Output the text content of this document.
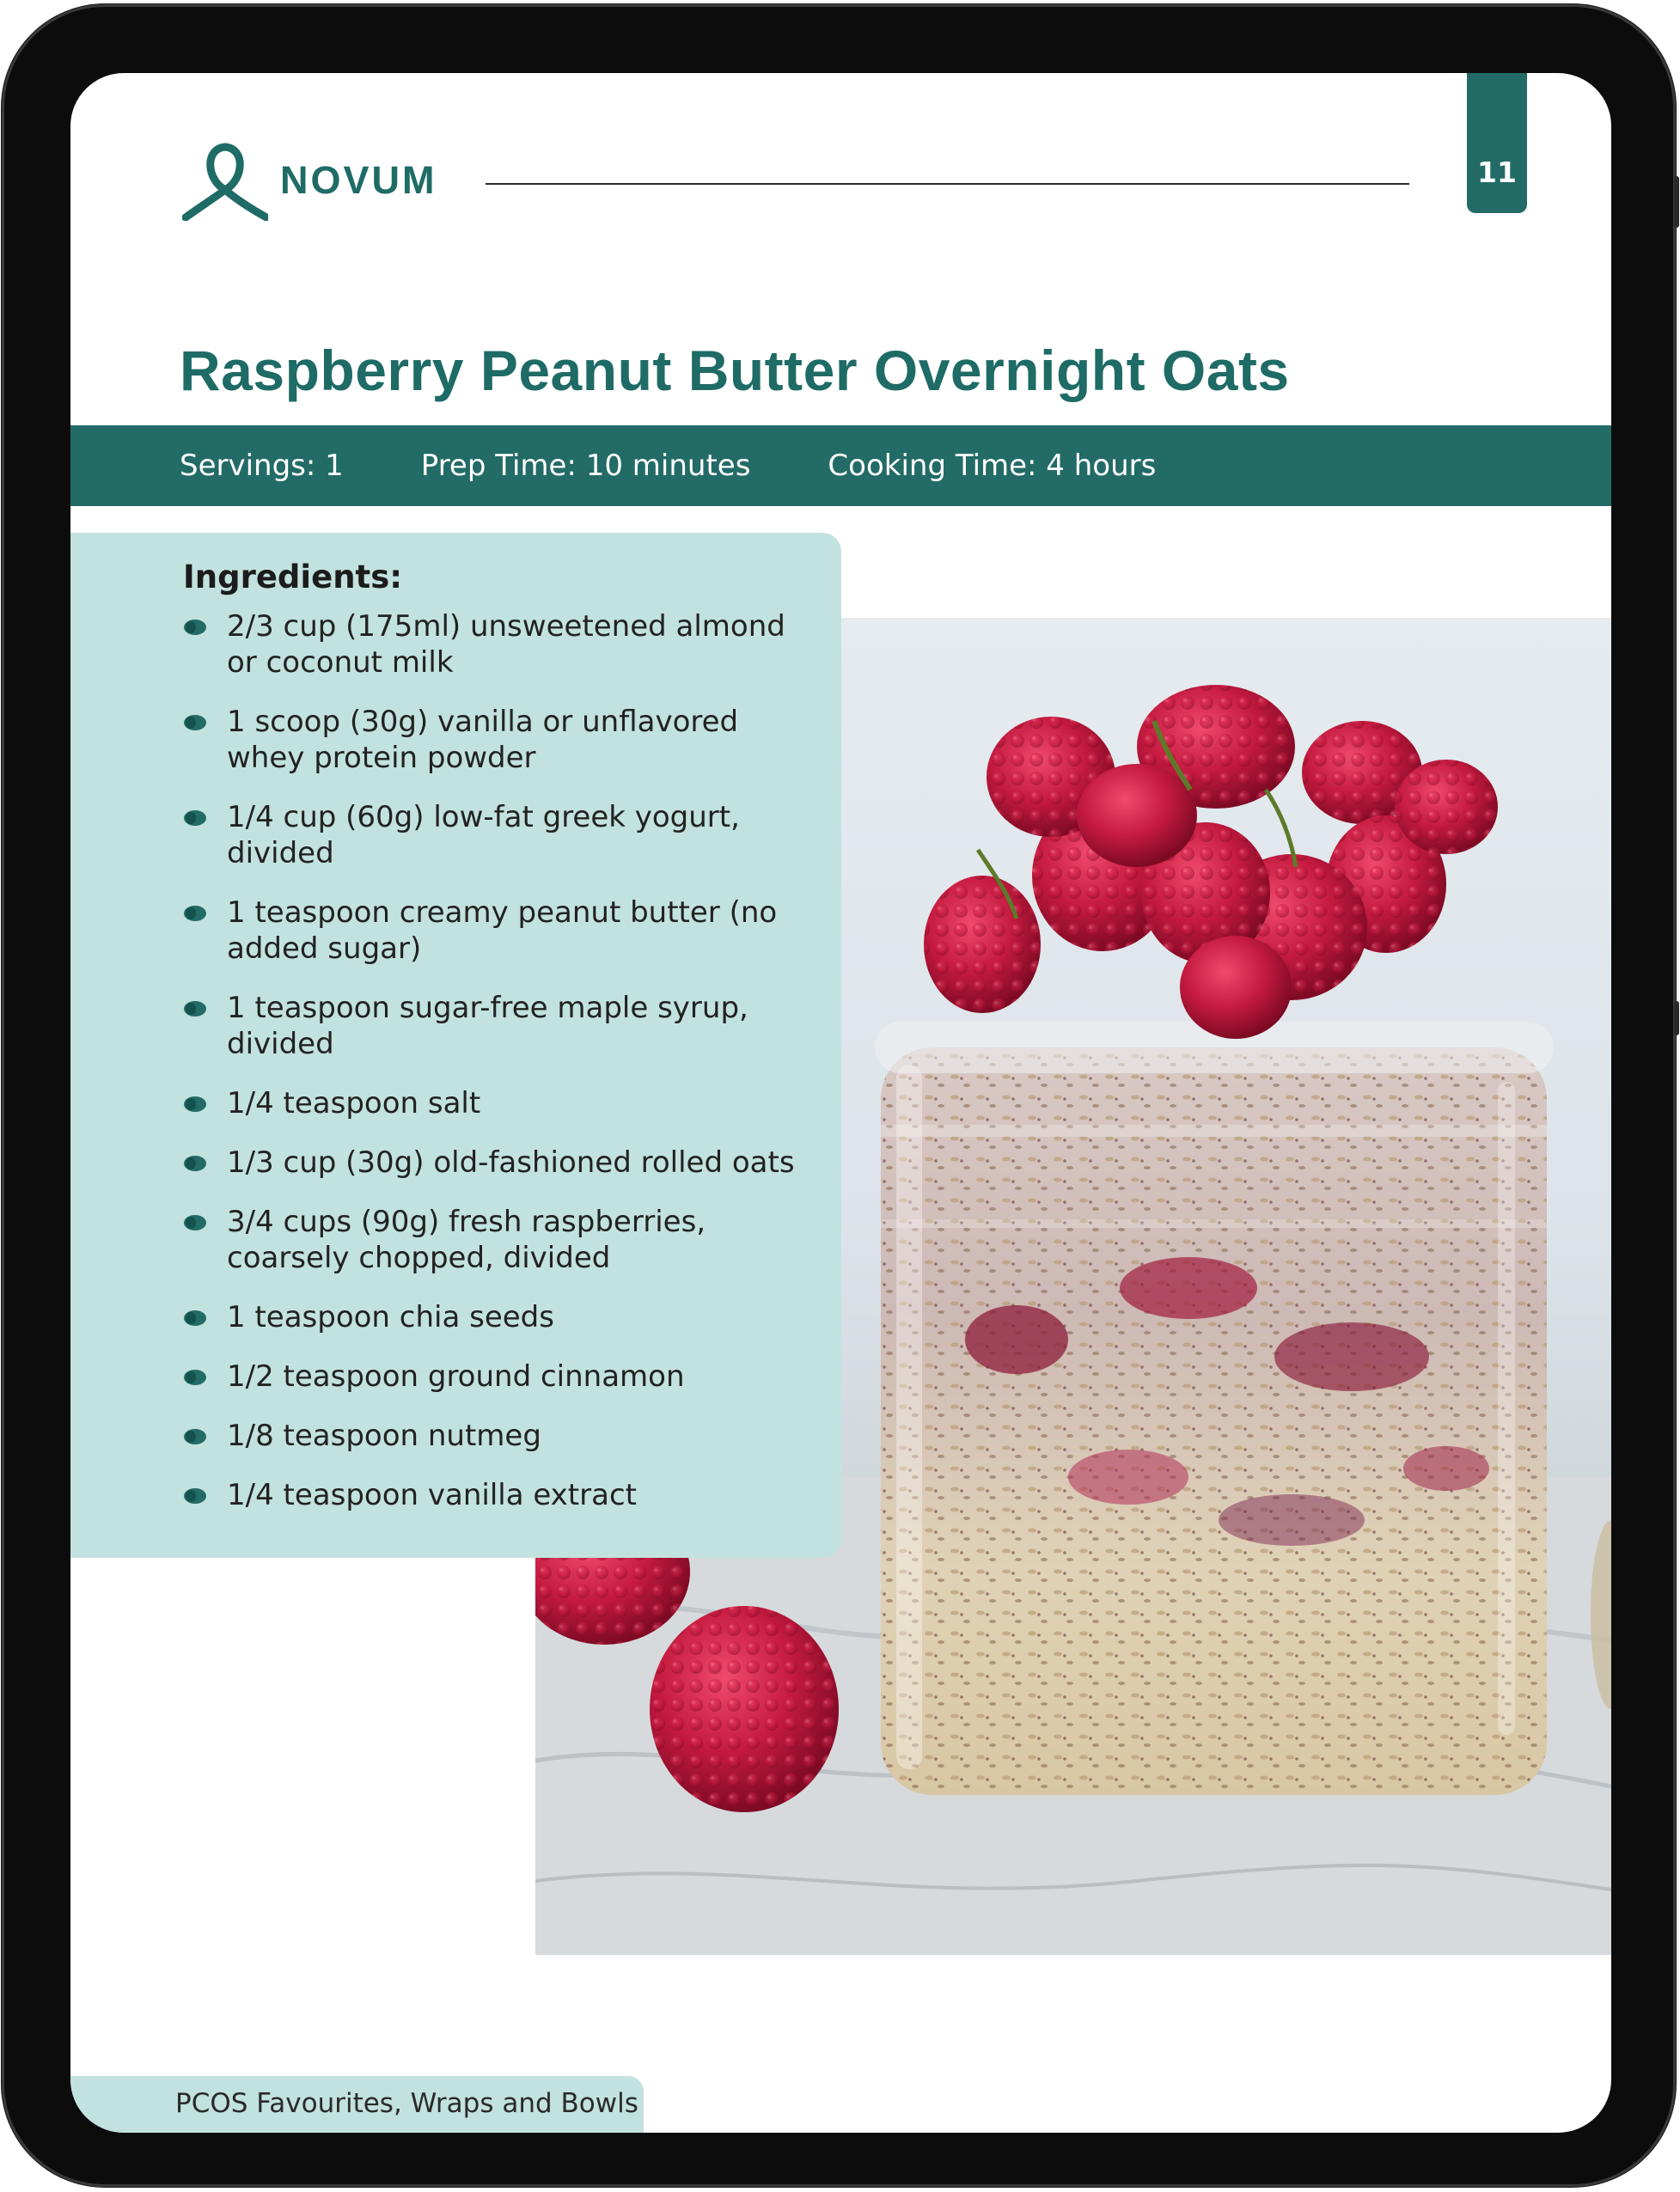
NOVUM	11
Raspberry Peanut Butter Overnight Oats
Servings: 1	Prep Time: 10 minutes	Cooking Time: 4 hours
Ingredients:
2/3 cup (175ml) unsweetened almond or coconut milk
1 scoop (30g) vanilla or unflavored whey protein powder
1/4 cup (60g) low-fat greek yogurt, divided
1 teaspoon creamy peanut butter (no added sugar)
1 teaspoon sugar-free maple syrup, divided
1/4 teaspoon salt
1/3 cup (30g) old-fashioned rolled oats
3/4 cups (90g) fresh raspberries, coarsely chopped, divided
1 teaspoon chia seeds
1/2 teaspoon ground cinnamon
1/8 teaspoon nutmeg
1/4 teaspoon vanilla extract
PCOS Favourites, Wraps and Bowls
